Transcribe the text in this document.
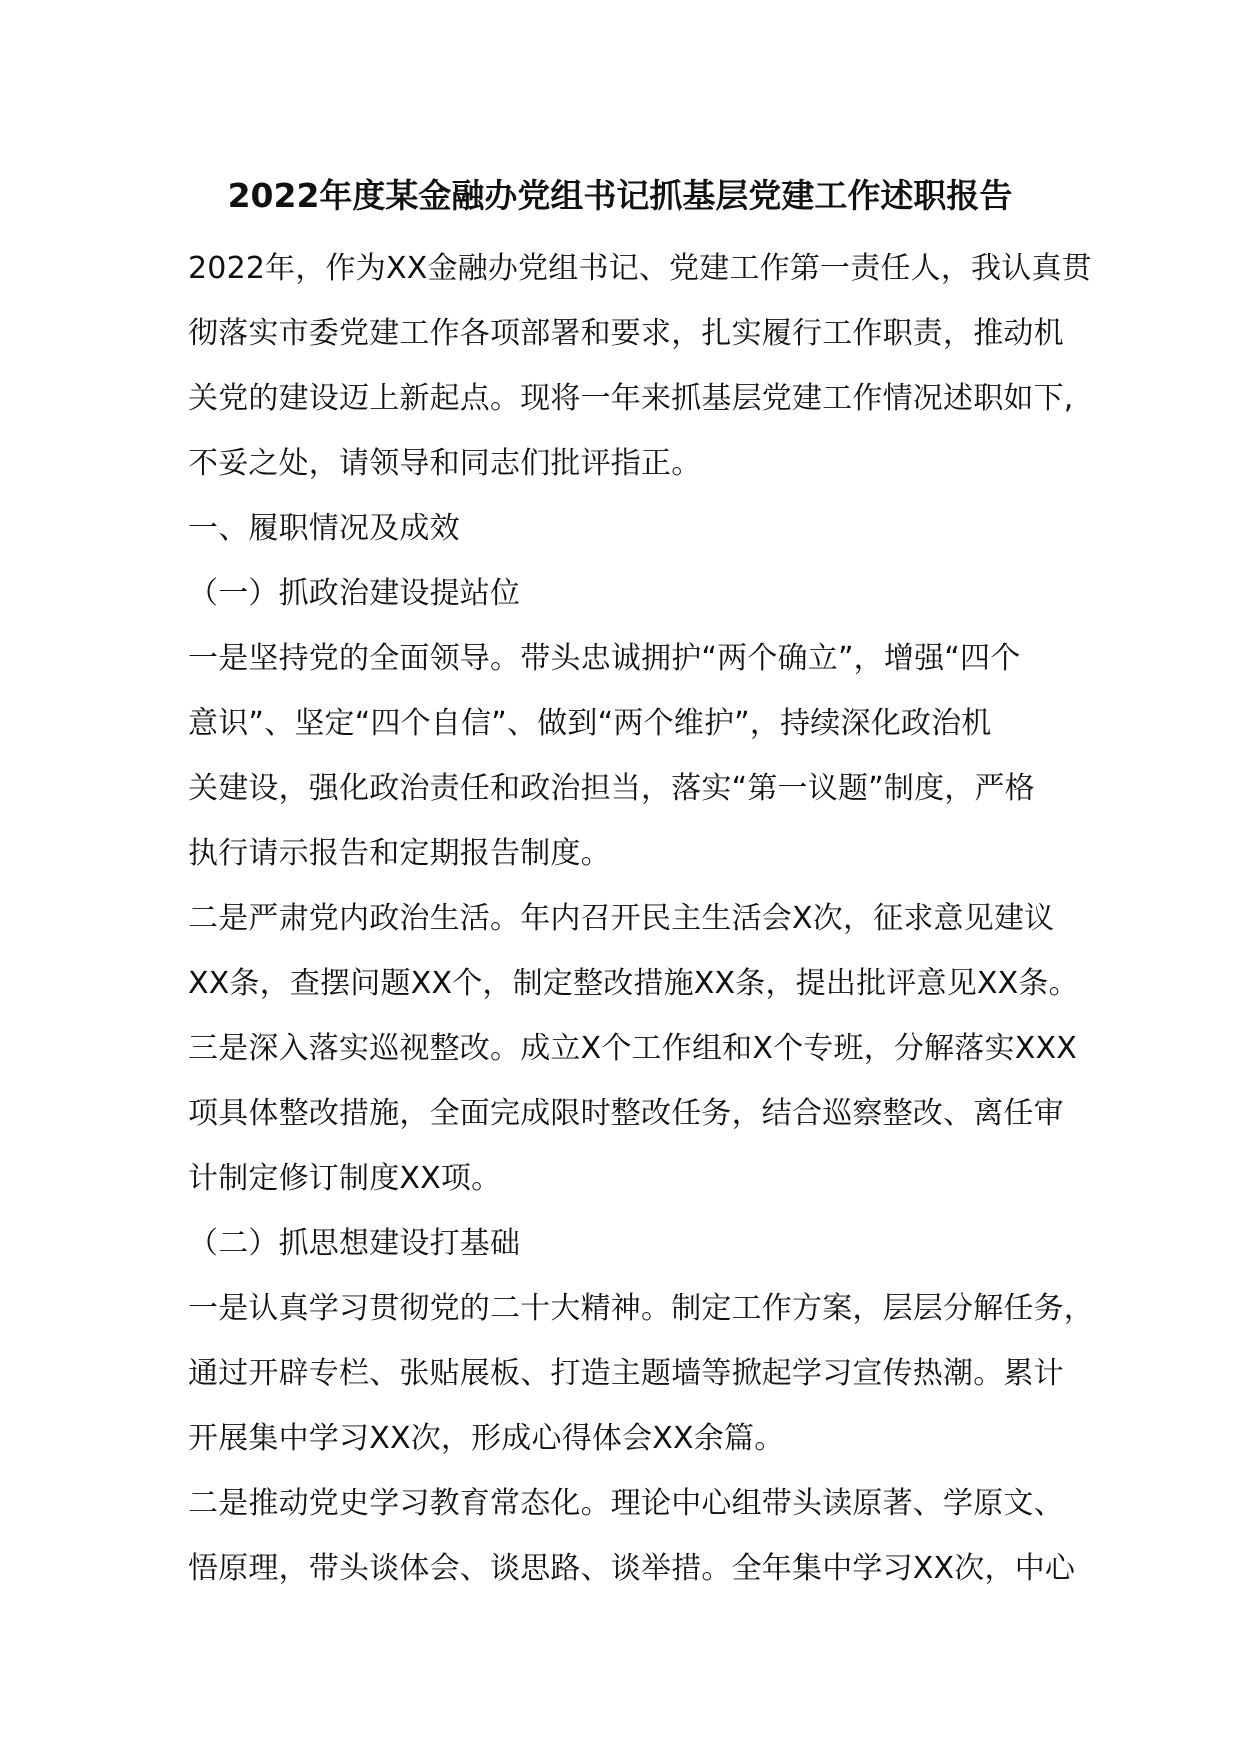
2022年度某金融办党组书记抓基层党建工作述职报告
2022年，作为XX金融办党组书记、党建工作第一责任人，我认真贯
彻落实市委党建工作各项部署和要求，扎实履行工作职责，推动机
关党的建设迈上新起点。现将一年来抓基层党建工作情况述职如下,
不妥之处，请领导和同志们批评指正。
一、履职情况及成效
（一）抓政治建设提站位
一是坚持党的全面领导。带头忠诚拥护“两个确立”，增强“四个
意识”、坚定“四个自信”、做到“两个维护”，持续深化政治机
关建设，强化政治责任和政治担当，落实“第一议题”制度，严格
执行请示报告和定期报告制度。
二是严肃党内政治生活。年内召开民主生活会X次，征求意见建议
XX条，查摆问题XX个，制定整改措施XX条，提出批评意见XX条。
三是深入落实巡视整改。成立X个工作组和X个专班，分解落实XXX
项具体整改措施，全面完成限时整改任务，结合巡察整改、离任审
计制定修订制度XX项。
（二）抓思想建设打基础
一是认真学习贯彻党的二十大精神。制定工作方案，层层分解任务，
通过开辟专栏、张贴展板、打造主题墙等掀起学习宣传热潮。累计
开展集中学习XX次，形成心得体会XX余篇。
二是推动党史学习教育常态化。理论中心组带头读原著、学原文、
悟原理，带头谈体会、谈思路、谈举措。全年集中学习XX次，中心
